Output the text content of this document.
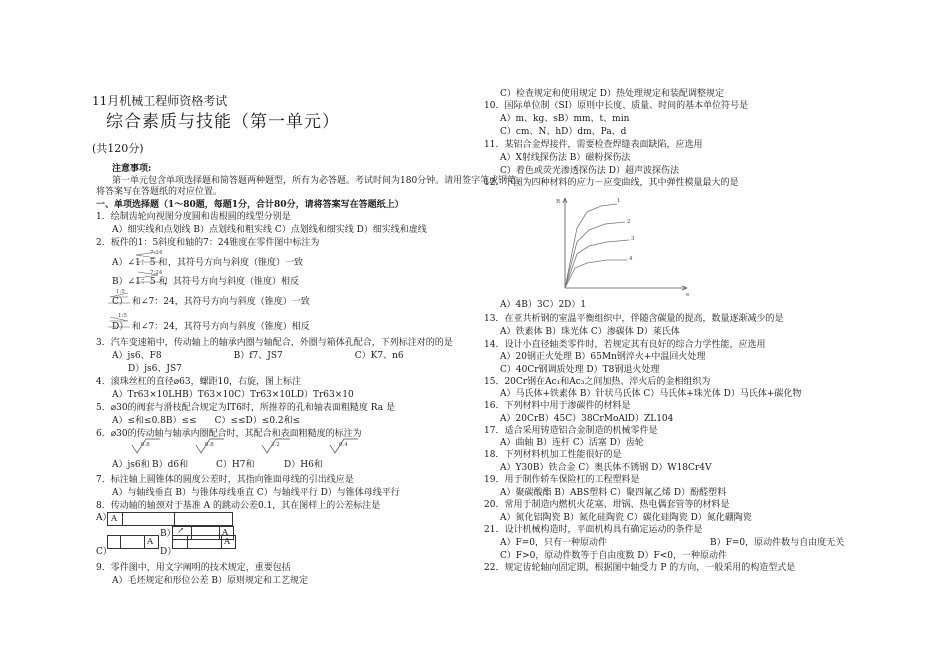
11月机械工程师资格考试
综合素质与技能（第一单元）
(共120分)
注意事项:
第一单元包含单项选择题和简答题两种题型，所有为必答题。考试时间为180分钟。请用签字笔或钢笔
将答案写在答题纸的对应位置。
一、单项选择题（1～80题，每题1分，合计80分，请将答案写在答题纸上）
1．绘制齿轮向视图分度圆和齿根圆的线型分别是
A）细实线和点划线 B）点划线和粗实线 C）点划线和细实线 D）细实线和虚线
2．板件的1：5斜度和轴的7：24锥度在零件图中标注为
A）∠1：5 和
7:24
，其符号方向与斜度（锥度）一致
B）∠1：5 和
7:24
，其符号方向与斜度（锥度）相反
C）
1:5
和∠7：24，其符号方向与斜度（锥度）一致
D）
1:5
和∠7：24，其符号方向与斜度（锥度）相反
3．汽车变速箱中，传动轴上的轴承内圈与轴配合，外圈与箱体孔配合，下列标注对的的是
A）js6、F8　　　　　　　　B）f7、JS7　　　　　　　　C）K7、n6
D）js6、JS7
4．滚珠丝杠的直径⌀63，螺距10，右旋，图上标注
A）Tr63×10LHB）T63×10C）Tr63×10LD）Tr63×10
5．⌀30的阀套与滑枝配合规定为IT6时，所推荐的孔和轴表面粗糙度 Ra 是
A）≤和≤0.8B）≤≤　　C）≤≤D）≤0.2和≤
6．⌀30的传动轴与轴承内圈配合时，其配合和表面粗糙度的标注为
0.8	0.8	3.2	0.4
A）js6和 B）d6和	C）H7和	D）H6和
7．标注轴上圆锥体的圆度公差时，其指向锥面母线的引出线应是
A）与轴线垂直 B）与锥体母线垂直 C）与轴线平行 D）与锥体母线平行
8．传动轴的轴颈对于基准 A 的跳动公差0.1，其在图样上的公差标注是
A） A
B） ↗	A
A	A
C）	D）
9．零件图中，用文字阐明的技术规定，重要包括
A）毛坯规定和形位公差 B）原则规定和工艺规定
C）检查规定和使用规定 D）热处理规定和装配调整规定
10．国际单位制（SI）原则中长度、质量、时间的基本单位符号是
A）m、kg、sB）mm、t、min
C）cm、N、hD）dm、Pa、d
11．某铝合金焊接件，需要检查焊缝表面缺陷，应选用
A）X射线探伤法 B）磁粉探伤法
C）着色或荧光渗透探伤法 D）超声波探伤法
12．下图为四种材料的应力－应变曲线，其中弹性模量最大的是
1
2
3
4
R
e
A）4B）3C）2D）1
13．在亚共析钢的室温平衡组织中，伴随含碳量的提高，数量逐渐减少的是
A）铁素体 B）珠光体 C）渗碳体 D）莱氏体
14．设计小直径轴类零件时，若规定其有良好的综合力学性能，应选用
A）20钢正火处理 B）65Mn钢淬火+中温回火处理
C）40Cr钢调质处理 D）T8钢退火处理
15．20Cr钢在Ac₁和Ac₃之间加热、淬火后的金相组织为
A）马氏体+铁素体 B）针状马氏体 C）马氏体+珠光体 D）马氏体+碳化物
16．下列材料中用于渗碳件的材料是
A）20CrB）45C）38CrMoAlD）ZL104
17．适合采用铸造铝合金制造的机械零件是
A）曲轴 B）连杆 C）活塞 D）齿轮
18．下列材料机加工性能很好的是
A）Y30B）铁合金 C）奥氏体不锈钢 D）W18Cr4V
19．用于制作轿车保险杠的工程塑料是
A）聚碳酸酯 B）ABS塑料 C）聚四氟乙烯 D）酚醛塑料
20．常用于制造内燃机火花塞、坩锅、热电偶套管等的材料是
A）氮化铝陶瓷 B）氮化硅陶瓷 C）碳化硅陶瓷 D）氮化硼陶瓷
21．设计机械构造时，平面机构具有确定运动的条件是
A）F=0，只有一种原动件	B）F=0，原动件数与自由度无关
C）F>0，原动件数等于自由度数 D）F<0，一种原动件
22．规定齿轮轴向固定期，根据图中轴受力 P 的方向，一般采用的构造型式是
